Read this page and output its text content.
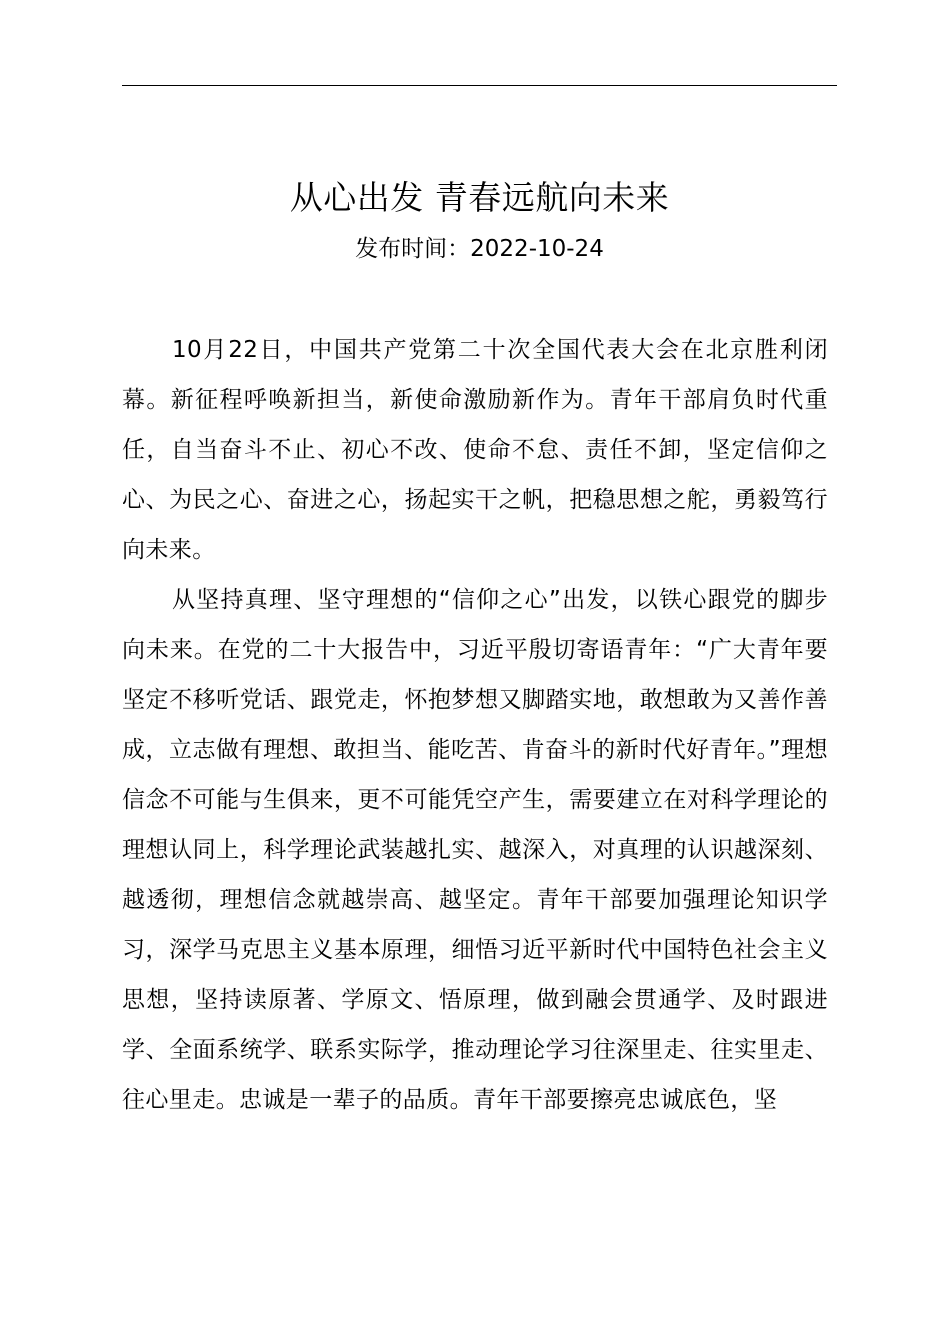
从心出发 青春远航向未来
发布时间：2022-10-24

10月22日，中国共产党第二十次全国代表大会在北京胜利闭幕。新征程呼唤新担当，新使命激励新作为。青年干部肩负时代重任，自当奋斗不止、初心不改、使命不怠、责任不卸，坚定信仰之心、为民之心、奋进之心，扬起实干之帆，把稳思想之舵，勇毅笃行向未来。

从坚持真理、坚守理想的“信仰之心”出发，以铁心跟党的脚步向未来。在党的二十大报告中，习近平殷切寄语青年：“广大青年要坚定不移听党话、跟党走，怀抱梦想又脚踏实地，敢想敢为又善作善成，立志做有理想、敢担当、能吃苦、肯奋斗的新时代好青年。”理想信念不可能与生俱来，更不可能凭空产生，需要建立在对科学理论的理想认同上，科学理论武装越扎实、越深入，对真理的认识越深刻、越透彻，理想信念就越崇高、越坚定。青年干部要加强理论知识学习，深学马克思主义基本原理，细悟习近平新时代中国特色社会主义思想，坚持读原著、学原文、悟原理，做到融会贯通学、及时跟进学、全面系统学、联系实际学，推动理论学习往深里走、往实里走、往心里走。忠诚是一辈子的品质。青年干部要擦亮忠诚底色，坚
